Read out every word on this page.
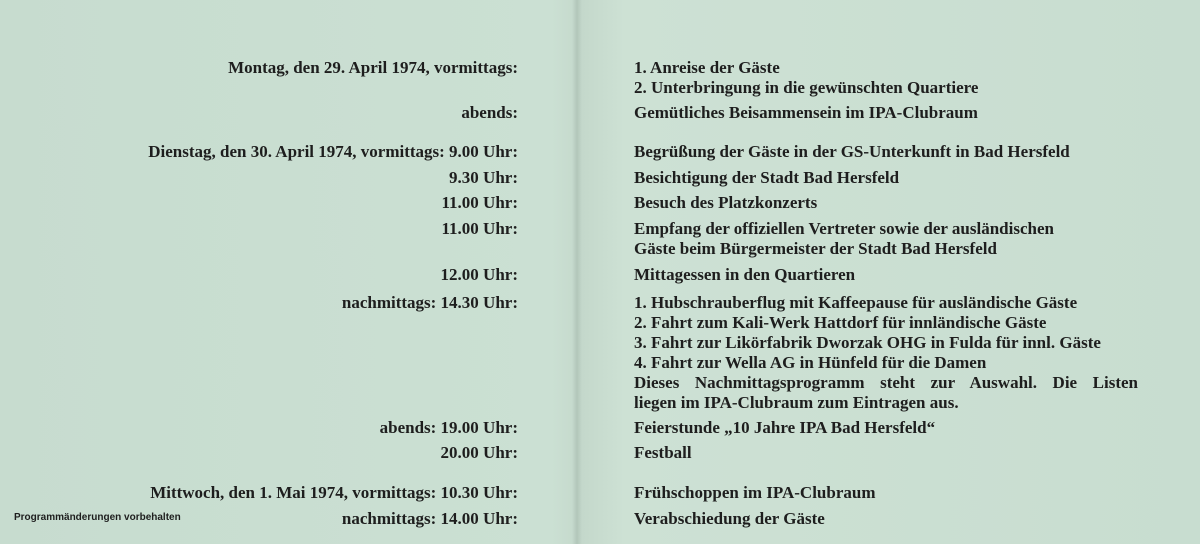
Montag, den 29. April 1974, vormittags:	1. Anreise der Gäste
2. Unterbringung in die gewünschten Quartiere
abends:	Gemütliches Beisammensein im IPA-Clubraum
Dienstag, den 30. April 1974, vormittags: 9.00 Uhr:	Begrüßung der Gäste in der GS-Unterkunft in Bad Hersfeld
9.30 Uhr:	Besichtigung der Stadt Bad Hersfeld
11.00 Uhr:	Besuch des Platzkonzerts
11.00 Uhr:	Empfang der offiziellen Vertreter sowie der ausländischen
Gäste beim Bürgermeister der Stadt Bad Hersfeld
12.00 Uhr:	Mittagessen in den Quartieren
nachmittags: 14.30 Uhr:	1. Hubschrauberflug mit Kaffeepause für ausländische Gäste
2. Fahrt zum Kali-Werk Hattdorf für innländische Gäste
3. Fahrt zur Likörfabrik Dworzak OHG in Fulda für innl. Gäste
4. Fahrt zur Wella AG in Hünfeld für die Damen
Dieses Nachmittagsprogramm steht zur Auswahl. Die Listen
liegen im IPA-Clubraum zum Eintragen aus.
abends: 19.00 Uhr:	Feierstunde „10 Jahre IPA Bad Hersfeld“
20.00 Uhr:	Festball
Mittwoch, den 1. Mai 1974, vormittags: 10.30 Uhr:	Frühschoppen im IPA-Clubraum
nachmittags: 14.00 Uhr:	Verabschiedung der Gäste
Programmänderungen vorbehalten
